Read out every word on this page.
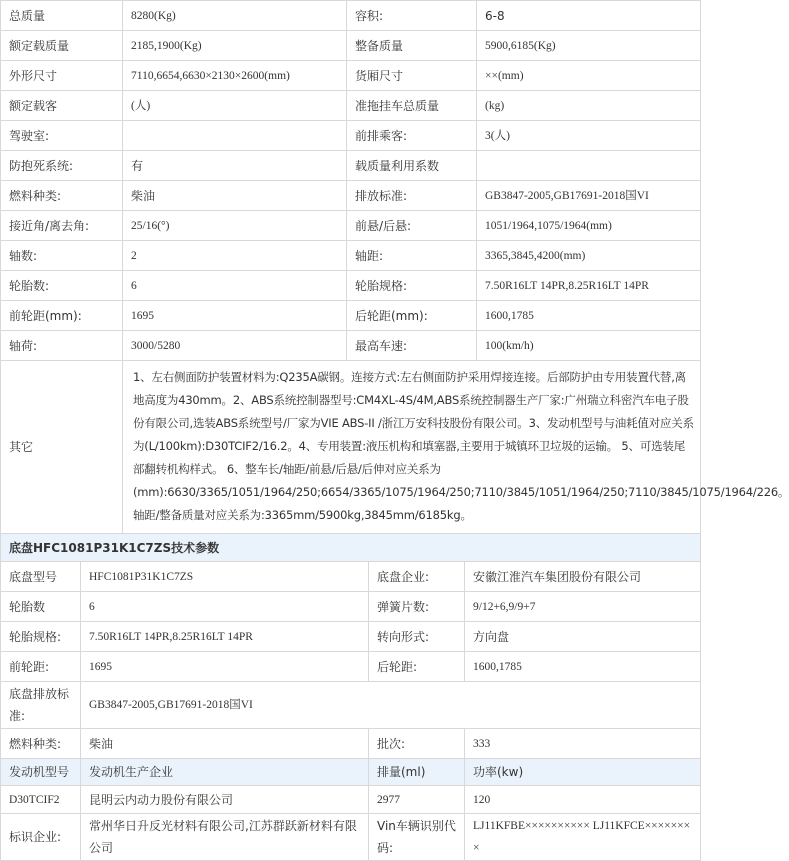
总质量	8280(Kg)	容积:	6-8
额定载质量	2185,1900(Kg)	整备质量	5900,6185(Kg)
外形尺寸	7110,6654,6630×2130×2600(mm)	货厢尺寸	××(mm)
额定载客	(人)	准拖挂车总质量	(kg)
驾驶室:		前排乘客:	3(人)
防抱死系统:	有	载质量利用系数	
燃料种类:	柴油	排放标准:	GB3847-2005,GB17691-2018国VI
接近角/离去角:	25/16(°)	前悬/后悬:	1051/1964,1075/1964(mm)
轴数:	2	轴距:	3365,3845,4200(mm)
轮胎数:	6	轮胎规格:	7.50R16LT 14PR,8.25R16LT 14PR
前轮距(mm):	1695	后轮距(mm):	1600,1785
轴荷:	3000/5280	最高车速:	100(km/h)
其它	1、左右侧面防护装置材料为:Q235A碳钢。连接方式:左右侧面防护采用焊接连接。后部防护由专用装置代替,离地高度为430mm。2、ABS系统控制器型号:CM4XL-4S/4M,ABS系统控制器生产厂家:广州瑞立科密汽车电子股份有限公司,选装ABS系统型号/厂家为VIE ABS-II /浙江万安科技股份有限公司。3、发动机型号与油耗值对应关系为(L/100km):D30TCIF2/16.2。4、专用装置:液压机构和填塞器,主要用于城镇环卫垃圾的运输。 5、可选装尾部翻转机构样式。 6、整车长/轴距/前悬/后悬/后伸对应关系为(mm):6630/3365/1051/1964/250;6654/3365/1075/1964/250;7110/3845/1051/1964/250;7110/3845/1075/1964/226。轴距/整备质量对应关系为:3365mm/5900kg,3845mm/6185kg。		
底盘HFC1081P31K1C7ZS技术参数			
底盘型号	HFC1081P31K1C7ZS	底盘企业:	安徽江淮汽车集团股份有限公司
轮胎数	6	弹簧片数:	9/12+6,9/9+7
轮胎规格:	7.50R16LT 14PR,8.25R16LT 14PR	转向形式:	方向盘
前轮距:	1695	后轮距:	1600,1785
底盘排放标准:	GB3847-2005,GB17691-2018国VI		
燃料种类:	柴油	批次:	333
发动机型号	发动机生产企业	排量(ml)	功率(kw)
D30TCIF2	昆明云内动力股份有限公司	2977	120
标识企业:	常州华日升反光材料有限公司,江苏群跃新材料有限公司	Vin车辆识别代码:	LJ11KFBE×××××××××× LJ11KFCE××××××××
